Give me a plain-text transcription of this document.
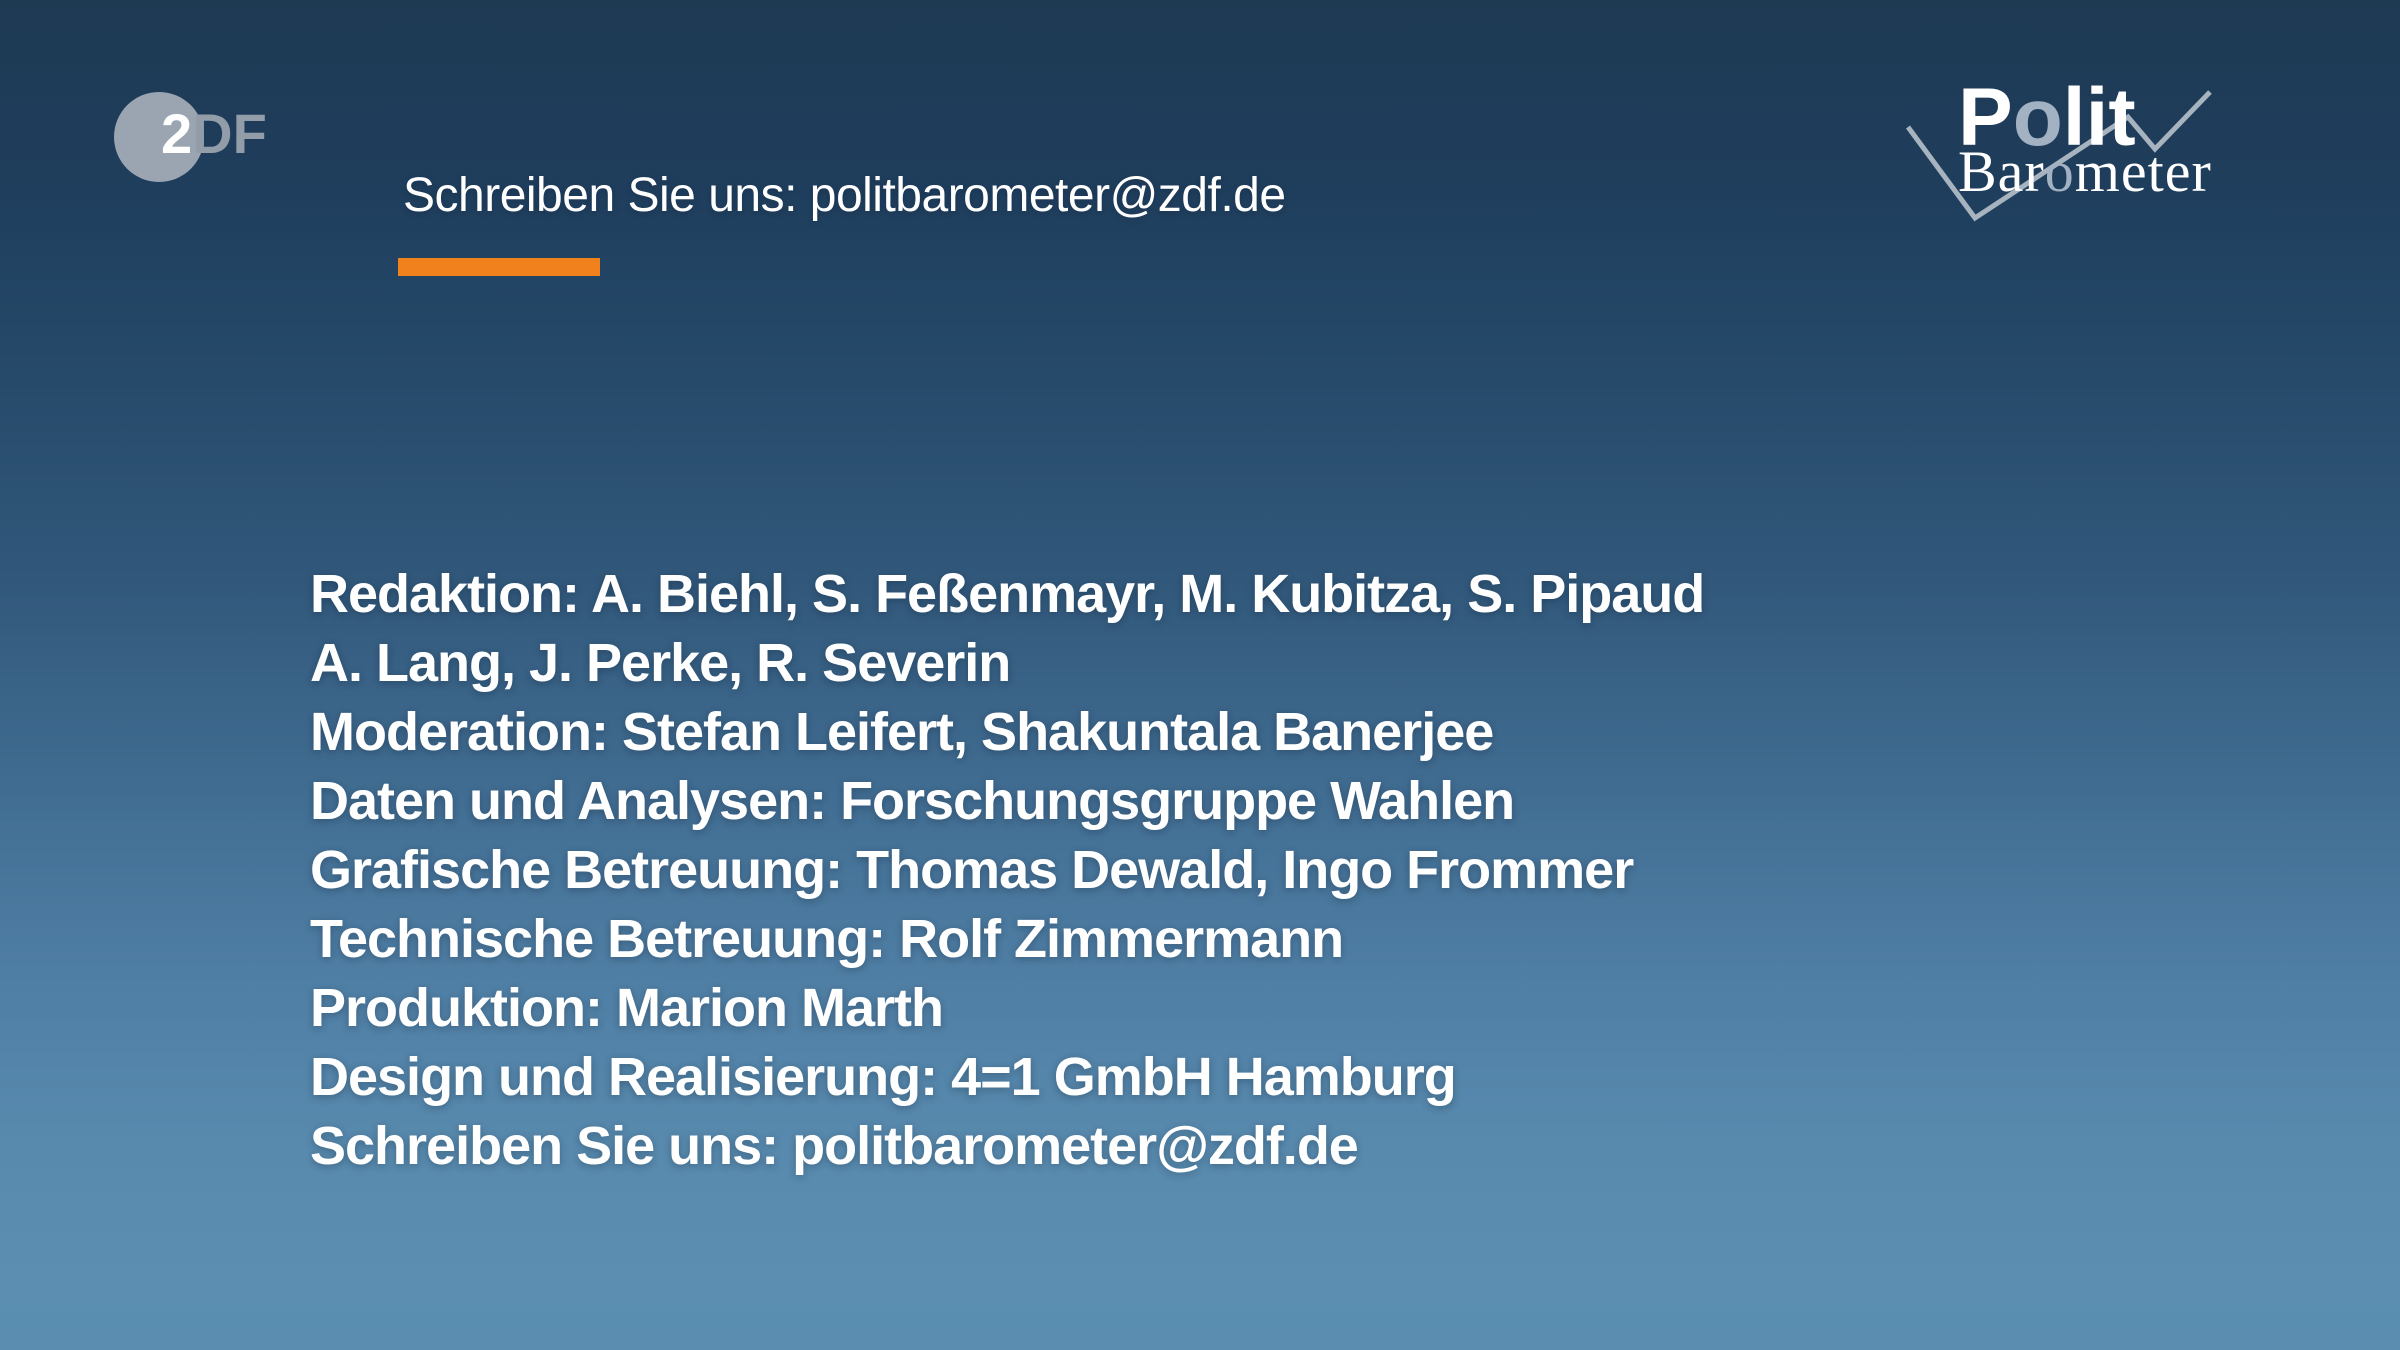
2DF
Schreiben Sie uns: politbarometer@zdf.de
Polit
Barometer
Redaktion: A. Biehl, S. Feßenmayr, M. Kubitza, S. Pipaud
A. Lang, J. Perke, R. Severin
Moderation: Stefan Leifert, Shakuntala Banerjee
Daten und Analysen: Forschungsgruppe Wahlen
Grafische Betreuung: Thomas Dewald, Ingo Frommer
Technische Betreuung: Rolf Zimmermann
Produktion: Marion Marth
Design und Realisierung: 4=1 GmbH Hamburg
Schreiben Sie uns: politbarometer@zdf.de
